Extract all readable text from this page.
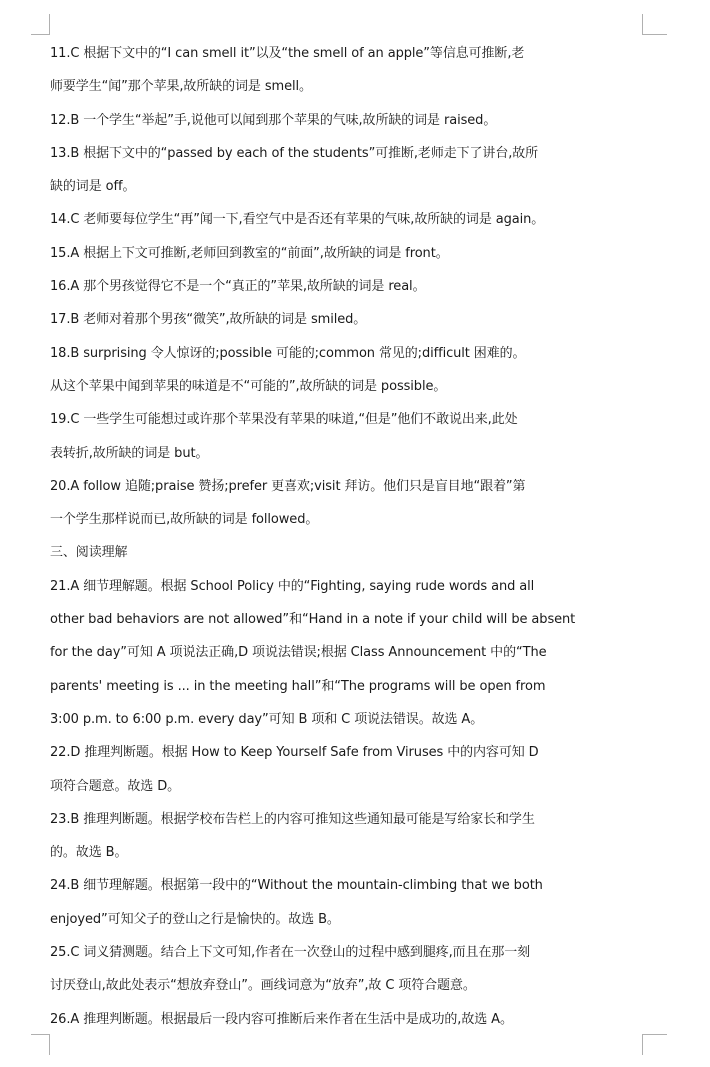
11.C 根据下文中的“I can smell it”以及“the smell of an apple”等信息可推断,老
师要学生“闻”那个苹果,故所缺的词是 smell。
12.B 一个学生“举起”手,说他可以闻到那个苹果的气味,故所缺的词是 raised。
13.B 根据下文中的“passed by each of the students”可推断,老师走下了讲台,故所
缺的词是 off。
14.C 老师要每位学生“再”闻一下,看空气中是否还有苹果的气味,故所缺的词是 again。
15.A 根据上下文可推断,老师回到教室的“前面”,故所缺的词是 front。
16.A 那个男孩觉得它不是一个“真正的”苹果,故所缺的词是 real。
17.B 老师对着那个男孩“微笑”,故所缺的词是 smiled。
18.B surprising 令人惊讶的;possible 可能的;common 常见的;difficult 困难的。
从这个苹果中闻到苹果的味道是不“可能的”,故所缺的词是 possible。
19.C 一些学生可能想过或许那个苹果没有苹果的味道,“但是”他们不敢说出来,此处
表转折,故所缺的词是 but。
20.A follow 追随;praise 赞扬;prefer 更喜欢;visit 拜访。他们只是盲目地“跟着”第
一个学生那样说而已,故所缺的词是 followed。
三、阅读理解
21.A 细节理解题。根据 School Policy 中的“Fighting, saying rude words and all
other bad behaviors are not allowed”和“Hand in a note if your child will be absent
for the day”可知 A 项说法正确,D 项说法错误;根据 Class Announcement 中的“The
parents' meeting is ... in the meeting hall”和“The programs will be open from
3:00 p.m. to 6:00 p.m. every day”可知 B 项和 C 项说法错误。故选 A。
22.D 推理判断题。根据 How to Keep Yourself Safe from Viruses 中的内容可知 D
项符合题意。故选 D。
23.B 推理判断题。根据学校布告栏上的内容可推知这些通知最可能是写给家长和学生
的。故选 B。
24.B 细节理解题。根据第一段中的“Without the mountain-climbing that we both
enjoyed”可知父子的登山之行是愉快的。故选 B。
25.C 词义猜测题。结合上下文可知,作者在一次登山的过程中感到腿疼,而且在那一刻
讨厌登山,故此处表示“想放弃登山”。画线词意为“放弃”,故 C 项符合题意。
26.A 推理判断题。根据最后一段内容可推断后来作者在生活中是成功的,故选 A。
